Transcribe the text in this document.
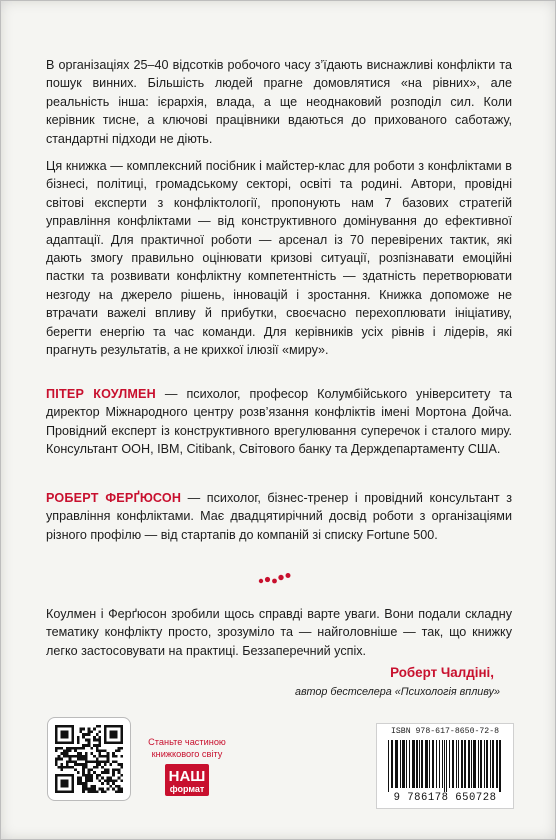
В організаціях 25–40 відсотків робочого часу з’їдають виснажливі конфлікти та пошук винних. Більшість людей прагне домовлятися «на рівних», але реальність інша: ієрархія, влада, а ще неоднаковий розподіл сил. Коли керівник тисне, а ключові працівники вдаються до прихованого саботажу, стандартні підходи не діють.

Ця книжка — комплексний посібник і майстер-клас для роботи з конфліктами в бізнесі, політиці, громадському секторі, освіті та родині. Автори, провідні світові експерти з конфліктології, пропонують нам 7 базових стратегій управління конфліктами — від конструктивного домінування до ефективної адаптації. Для практичної роботи — арсенал із 70 перевірених тактик, які дають змогу правильно оцінювати кризові ситуації, розпізнавати емоційні пастки та розвивати конфліктну компетентність — здатність перетворювати незгоду на джерело рішень, інновацій і зростання. Книжка допоможе не втрачати важелі впливу й прибутки, своєчасно перехоплювати ініціативу, берегти енергію та час команди. Для керівників усіх рівнів і лідерів, які прагнуть результатів, а не крихкої ілюзії «миру».

ПІТЕР КОУЛМЕН — психолог, професор Колумбійського університету та директор Міжнародного центру розв’язання конфліктів імені Мортона Дойча. Провідний експерт із конструктивного врегулювання суперечок і сталого миру. Консультант ООН, IBM, Citibank, Світового банку та Держдепартаменту США.

РОБЕРТ ФЕРҐЮСОН — психолог, бізнес-тренер і провідний консультант з управління конфліктами. Має двадцятирічний досвід роботи з організаціями різного профілю — від стартапів до компаній зі списку Fortune 500.

Коулмен і Ферґюсон зробили щось справді варте уваги. Вони подали складну тематику конфлікту просто, зрозуміло та — найголовніше — так, що книжку легко застосовувати на практиці. Беззаперечний успіх.

Роберт Чалдіні,

автор бестселера «Психологія впливу»

Станьте частиною книжкового світу

НАШ
формат
ISBN 978-617-8650-72-8
9 786178 650728
